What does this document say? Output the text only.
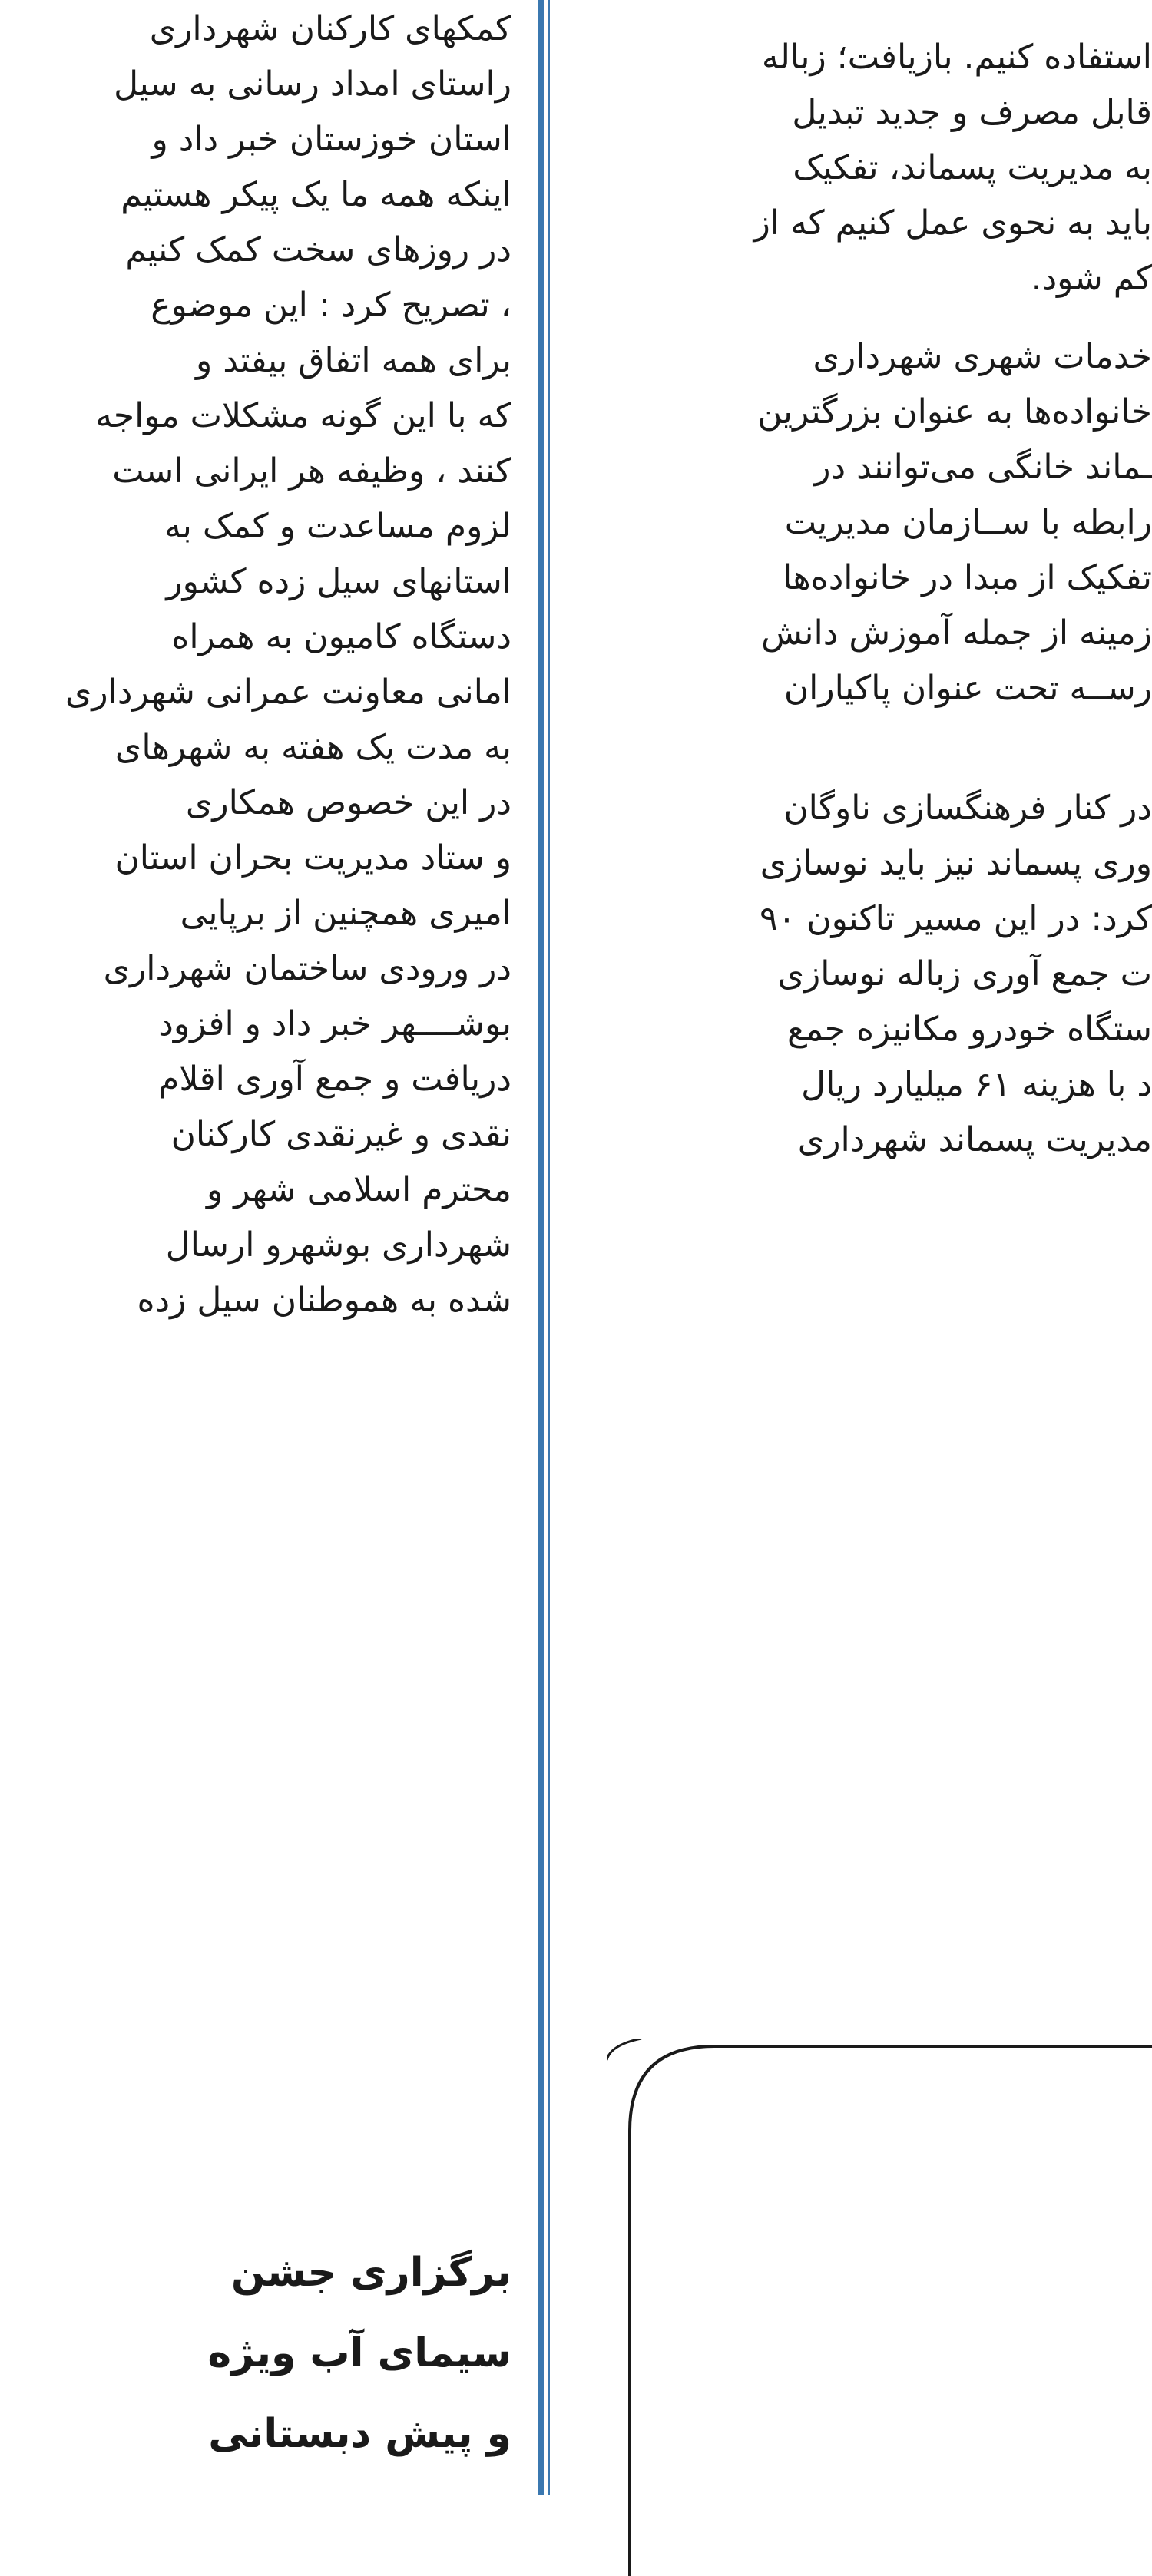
کمکهای کارکنان شهرداری
راستای امداد رسانی به سیل
استان خوزستان خبر داد و
اینکه همه ما یک پیکر هستیم
در روزهای سخت کمک کنیم
، تصریح کرد : این موضوع
برای همه اتفاق بیفتد و
که با این گونه مشکلات مواجه
کنند ، وظیفه هر ایرانی است
لزوم مساعدت و کمک به
استانهای سیل زده کشور
دستگاه کامیون به همراه
امانی معاونت عمرانی شهرداری
به مدت یک هفته به شهرهای
در این خصوص همکاری
و ستاد مدیریت بحران استان
امیری همچنین از برپایی
در ورودی ساختمان شهرداری
بوشــــهر خبر داد و افزود
دریافت و جمع آوری اقلام
نقدی و غیرنقدی کارکنان
محترم اسلامی شهر و
شهرداری بوشهرو ارسال
شده به هموطنان سیل زده
برگزاری جشن
سیمای آب ویژه
و پیش دبستانی
استفاده کنیم. بازیافت؛ زباله
قابل مصرف و جدید تبدیل
به مدیریت پسماند، تفکیک
باید به نحوی عمل کنیم که از
کم شود.
خدمات شهری شهرداری
خانواده‌ها به عنوان بزرگترین
ـماند خانگی می‌توانند در
رابطه با ســازمان مدیریت
تفکیک از مبدا در خانواده‌ها
زمینه از جمله آموزش دانش
رســه تحت عنوان پاکیاران
در کنار فرهنگسازی ناوگان
وری پسماند نیز باید نوسازی
کرد: در این مسیر تاکنون ۹۰
ت جمع آوری زباله نوسازی
ستگاه خودرو مکانیزه جمع
د با هزینه ۶۱ میلیارد ریال
مدیریت پسماند شهرداری
